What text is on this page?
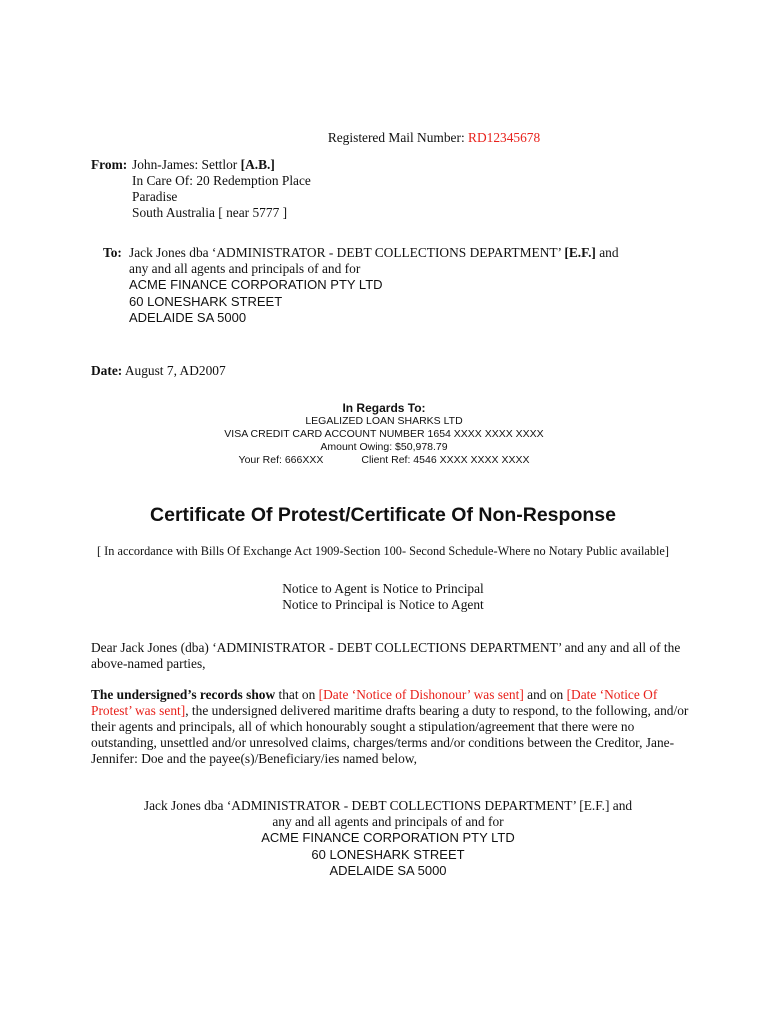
Registered Mail Number: RD12345678
From: John-James: Settlor [A.B.]
In Care Of: 20 Redemption Place
Paradise
South Australia [ near 5777 ]
To: Jack Jones dba ‘ADMINISTRATOR - DEBT COLLECTIONS DEPARTMENT’ [E.F.] and
any and all agents and principals of and for
ACME FINANCE CORPORATION PTY LTD
60 LONESHARK STREET
ADELAIDE SA 5000
Date: August 7, AD2007
In Regards To:
LEGALIZED LOAN SHARKS LTD
VISA CREDIT CARD ACCOUNT NUMBER 1654 XXXX XXXX XXXX
Amount Owing: $50,978.79
Your Ref: 666XXX	Client Ref: 4546 XXXX XXXX XXXX
Certificate Of Protest/Certificate Of Non-Response
[ In accordance with Bills Of Exchange Act 1909-Section 100- Second Schedule-Where no Notary Public available]
Notice to Agent is Notice to Principal
Notice to Principal is Notice to Agent
Dear Jack Jones (dba) ‘ADMINISTRATOR - DEBT COLLECTIONS DEPARTMENT’ and any and all of the above-named parties,
The undersigned’s records show that on [Date ‘Notice of Dishonour’ was sent] and on [Date ‘Notice Of Protest’ was sent], the undersigned delivered maritime drafts bearing a duty to respond, to the following, and/or their agents and principals, all of which honourably sought a stipulation/agreement that there were no outstanding, unsettled and/or unresolved claims, charges/terms and/or conditions between the Creditor, Jane-Jennifer: Doe and the payee(s)/Beneficiary/ies named below,
Jack Jones dba ‘ADMINISTRATOR - DEBT COLLECTIONS DEPARTMENT’ [E.F.] and
any and all agents and principals of and for
ACME FINANCE CORPORATION PTY LTD
60 LONESHARK STREET
ADELAIDE SA 5000
